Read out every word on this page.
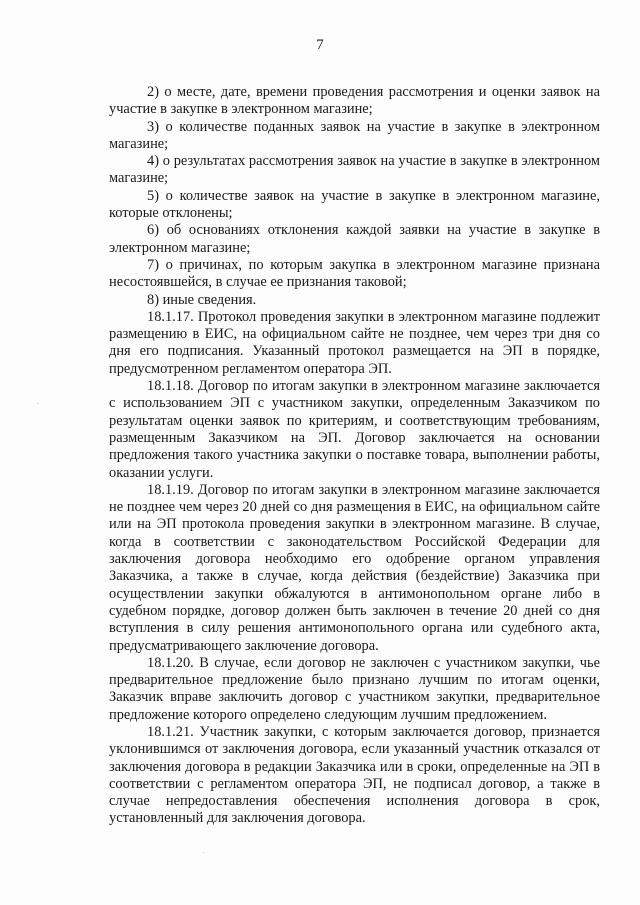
7

2) о месте, дате, времени проведения рассмотрения и оценки заявок на участие в закупке в электронном магазине;

3) о количестве поданных заявок на участие в закупке в электронном магазине;

4) о результатах рассмотрения заявок на участие в закупке в электронном магазине;

5) о количестве заявок на участие в закупке в электронном магазине, которые отклонены;

6) об основаниях отклонения каждой заявки на участие в закупке в электронном магазине;

7) о причинах, по которым закупка в электронном магазине признана несостоявшейся, в случае ее признания таковой;

8) иные сведения.

18.1.17. Протокол проведения закупки в электронном магазине подлежит размещению в ЕИС, на официальном сайте не позднее, чем через три дня со дня его подписания. Указанный протокол размещается на ЭП в порядке, предусмотренном регламентом оператора ЭП.

18.1.18. Договор по итогам закупки в электронном магазине заключается с использованием ЭП с участником закупки, определенным Заказчиком по результатам оценки заявок по критериям, и соответствующим требованиям, размещенным Заказчиком на ЭП. Договор заключается на основании предложения такого участника закупки о поставке товара, выполнении работы, оказании услуги.

18.1.19. Договор по итогам закупки в электронном магазине заключается не позднее чем через 20 дней со дня размещения в ЕИС, на официальном сайте или на ЭП протокола проведения закупки в электронном магазине. В случае, когда в соответствии с законодательством Российской Федерации для заключения договора необходимо его одобрение органом управления Заказчика, а также в случае, когда действия (бездействие) Заказчика при осуществлении закупки обжалуются в антимонопольном органе либо в судебном порядке, договор должен быть заключен в течение 20 дней со дня вступления в силу решения антимонопольного органа или судебного акта, предусматривающего заключение договора.

18.1.20. В случае, если договор не заключен с участником закупки, чье предварительное предложение было признано лучшим по итогам оценки, Заказчик вправе заключить договор с участником закупки, предварительное предложение которого определено следующим лучшим предложением.

18.1.21. Участник закупки, с которым заключается договор, признается уклонившимся от заключения договора, если указанный участник отказался от заключения договора в редакции Заказчика или в сроки, определенные на ЭП в соответствии с регламентом оператора ЭП, не подписал договор, а также в случае непредоставления обеспечения исполнения договора в срок, установленный для заключения договора.
